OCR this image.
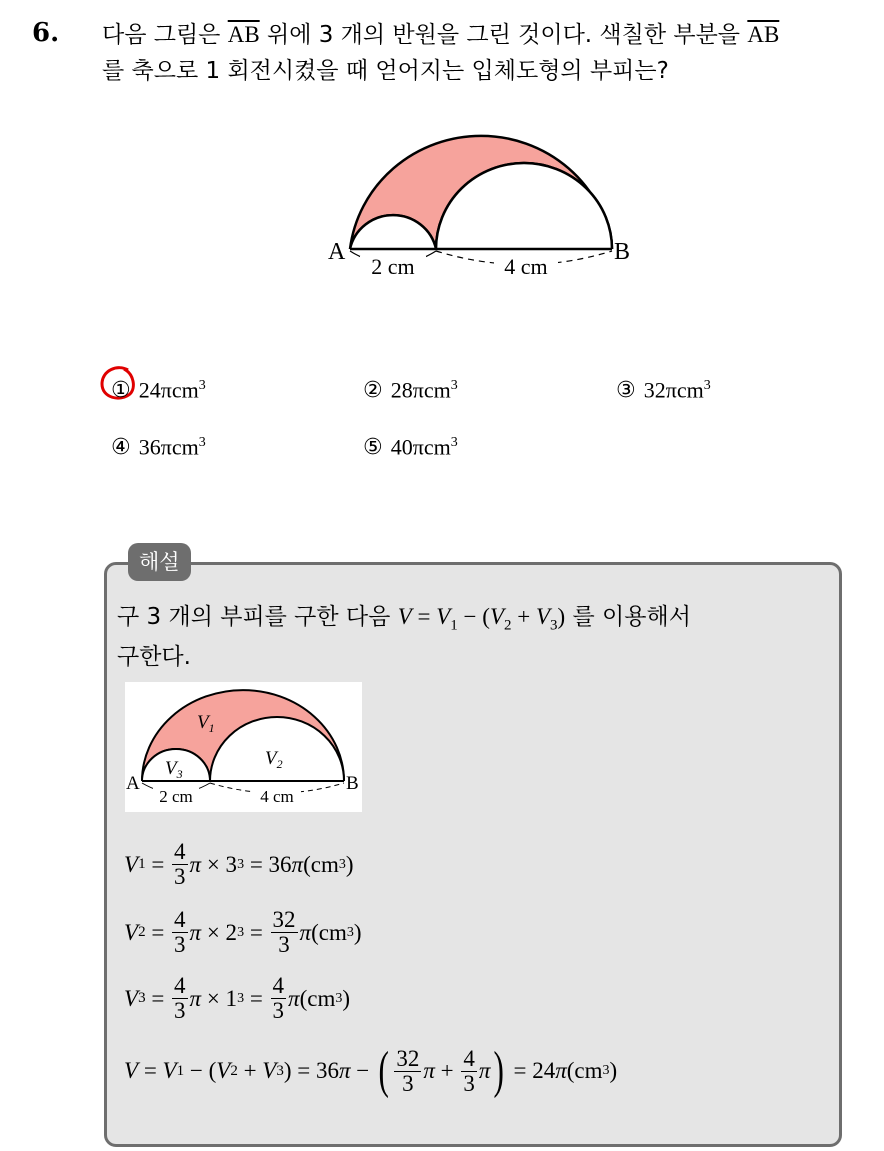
6. 다음 그림은 $\overline{AB}$ 위에 3 개의 반원을 그린 것이다. 색칠한 부분을 $\overline{AB}$
를 축으로 1 회전시켰을 때 얻어지는 입체도형의 부피는?
A	B
2 cm	4 cm
① 24πcm$^3$	② 28πcm$^3$	③ 32πcm$^3$
④ 36πcm$^3$	⑤ 40πcm$^3$
해설
구 3 개의 부피를 구한 다음 $V = V_1 - (V_2 + V_3)$ 를 이용해서
구한다.
A	B
$V_1$
$V_2$
$V_3$
2 cm	4 cm
V $1 = \frac{4}{3}$ π × 3 3 = 36 π (cm 3 )
V $2 = \frac{4}{3}$ π × 2 $3 = \frac{32}{3}$ π (cm 3 )
V $3 = \frac{4}{3}$ π × 1 $3 = \frac{4}{3}$ π (cm 3 )
V = V 1 − ( V 2 + V 3 ) = 36 π − ( $\frac{32}{3}$ $\pi + \frac{4}{3}$ π ) = 24 π (cm 3 )
